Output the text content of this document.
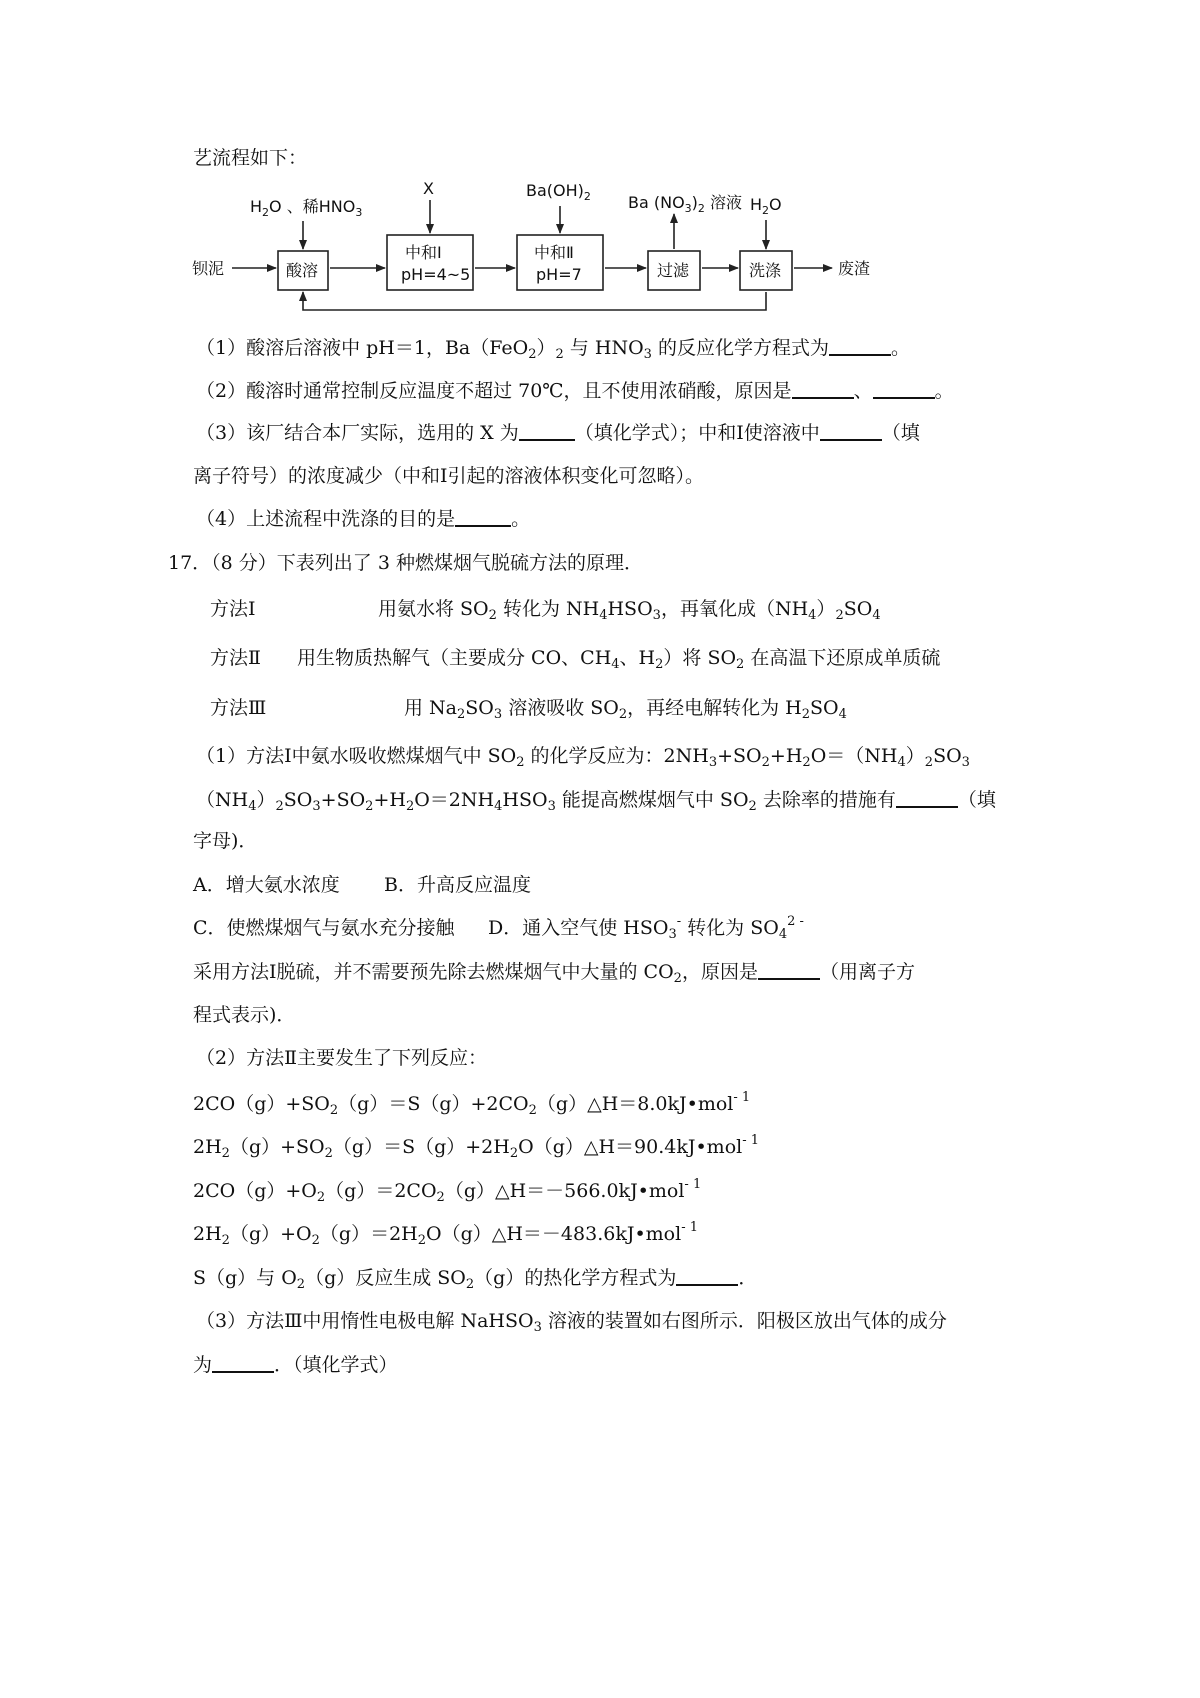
艺流程如下：
钡泥
$H_2O$ 、稀$HNO_3$
X	$Ba(OH)_2$ Ba $(NO_3)_2$ 溶液 $H_2O$
酸溶
中和Ⅰ
pH=4~5
中和Ⅱ
pH=7	过滤	洗涤	废渣
（1）酸溶后溶液中 pH＝1，$Ba(FeO_2)_2$ 与 $HNO_3$ 的反应化学方程式为	。
（2）酸溶时通常控制反应温度不超过 70℃，且不使用浓硝酸，原因是	、	。
（3）该厂结合本厂实际，选用的 X 为	（填化学式）；中和Ⅰ使溶液中	（填
离子符号）的浓度减少（中和Ⅰ引起的溶液体积变化可忽略）。
（4）上述流程中洗涤的目的是	。
17．（8 分）下表列出了 3 种燃煤烟气脱硫方法的原理．
方法Ⅰ	用氨水将 $SO_2$ 转化为 $NH_4HSO_3$，再氧化成$(NH_4)_2SO_4$
方法Ⅱ 用生物质热解气（主要成分 CO、$CH_4$、$H_2$）将 $SO_2$ 在高温下还原成单质硫
方法Ⅲ	用 $Na_2SO_3$ 溶液吸收 $SO_2$，再经电解转化为 $H_2SO_4$
（1）方法Ⅰ中氨水吸收燃煤烟气中 $SO_2$ 的化学反应为：$2NH_3+SO_2+H_2O=(NH_4)_2SO_3$
$(NH_4)_2SO_3+SO_2+H_2O=2NH_4HSO_3$ 能提高燃煤烟气中 $SO_2$ 去除率的措施有	（填
字母)．
A．增大氨水浓度 B．升高反应温度
C．使燃煤烟气与氨水充分接触 D．通入空气使 $HSO_3^-$ 转化为 $SO_4^{2 -}$
采用方法Ⅰ脱硫，并不需要预先除去燃煤烟气中大量的 $CO_2$，原因是	（用离子方
程式表示)．
（2）方法Ⅱ主要发生了下列反应：
$2CO(g)+SO_2(g)=S(g)+2CO_2(g)\triangle H=8.0kJ•mol^{- 1}$
$2H_2(g)+SO_2(g)=S(g)+2H_2O(g)\triangle H=90.4kJ•mol^{- 1}$
$2CO(g)+O_2(g)=2CO_2(g)\triangle H=-566.0kJ•mol^{- 1}$
$2H_2(g)+O_2(g)=2H_2O(g)\triangle H=-483.6kJ•mol^{- 1}$
S（g）与 $O_2(g)$反应生成 $SO_2(g)$的热化学方程式为	．
（3）方法Ⅲ中用惰性电极电解 NaHSO$_3$ 溶液的装置如右图所示．阳极区放出气体的成分
为	．（填化学式）
